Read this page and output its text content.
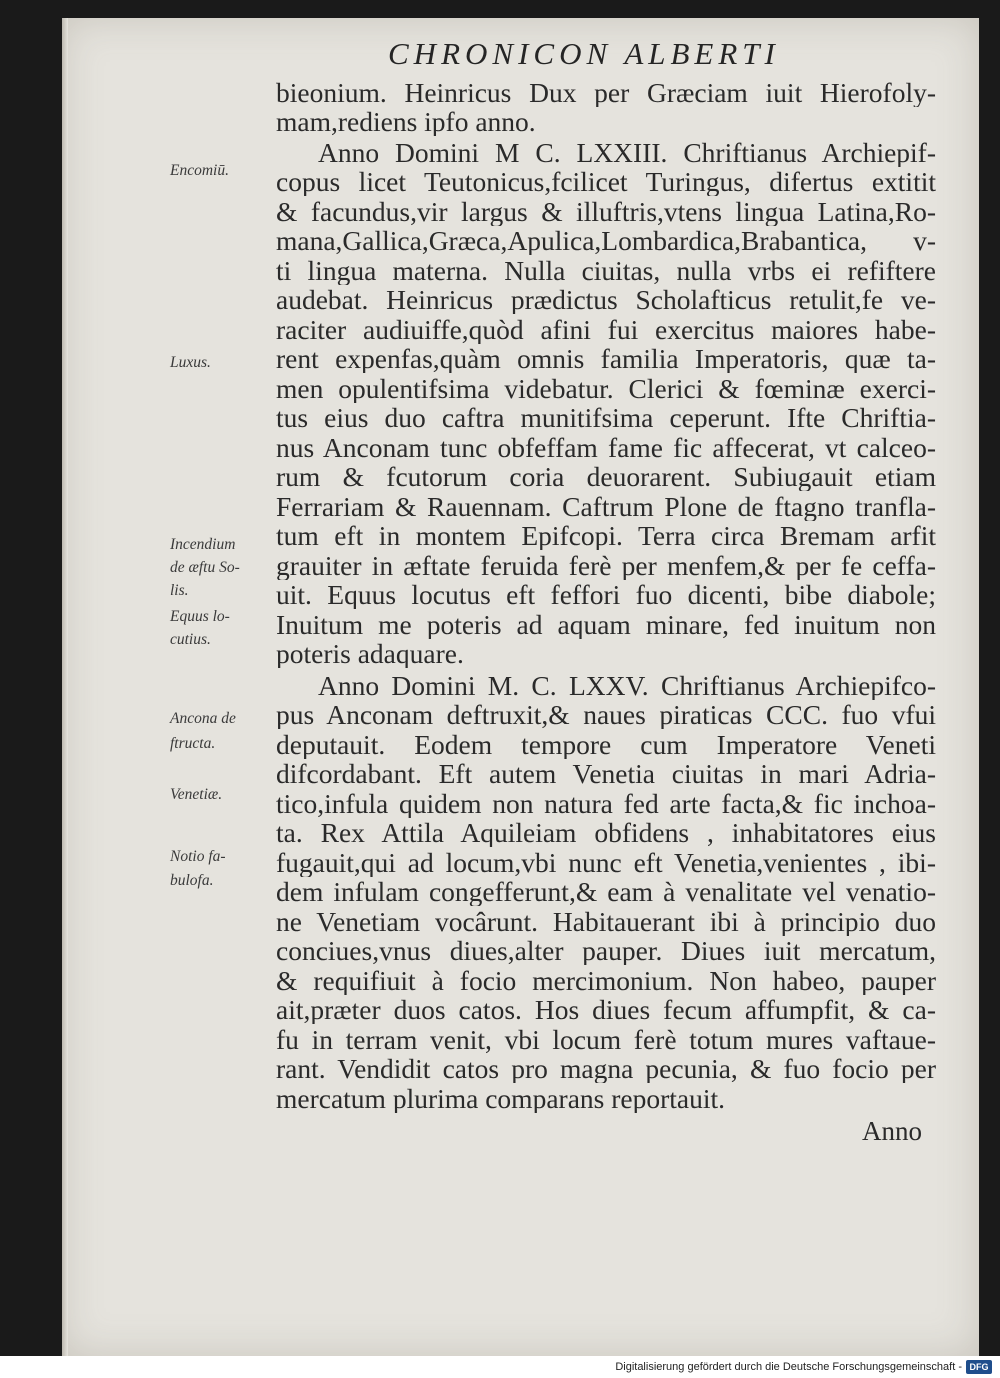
CHRONICON ALBERTI
bieonium. Heinricus Dux per Græciam iuit Hierofoly-
mam,rediens ipfo anno.
Anno Domini M C. LXXIII. Chriftianus Archiepif-
copus licet Teutonicus,fcilicet Turingus, difertus extitit
& facundus,vir largus & illuftris,vtens lingua Latina,Ro-
mana,Gallica,Græca,Apulica,Lombardica,Brabantica, v-
ti lingua materna. Nulla ciuitas, nulla vrbs ei refiftere
audebat. Heinricus prædictus Scholafticus retulit,fe ve-
raciter audiuiffe,quòd afini fui exercitus maiores habe-
rent expenfas,quàm omnis familia Imperatoris, quæ ta-
men opulentifsima videbatur. Clerici & fœminæ exerci-
tus eius duo caftra munitifsima ceperunt. Ifte Chriftia-
nus Anconam tunc obfeffam fame fic affecerat, vt calceo-
rum & fcutorum coria deuorarent. Subiugauit etiam
Ferrariam & Rauennam. Caftrum Plone de ftagno tranfla-
tum eft in montem Epifcopi. Terra circa Bremam arfit
grauiter in æftate feruida ferè per menfem,& per fe ceffa-
uit. Equus locutus eft feffori fuo dicenti, bibe diabole;
Inuitum me poteris ad aquam minare, fed inuitum non
poteris adaquare.
Anno Domini M. C. LXXV. Chriftianus Archiepifco-
pus Anconam deftruxit,& naues piraticas CCC. fuo vfui
deputauit. Eodem tempore cum Imperatore Veneti
difcordabant. Eft autem Venetia ciuitas in mari Adria-
tico,infula quidem non natura fed arte facta,& fic inchoa-
ta. Rex Attila Aquileiam obfidens , inhabitatores eius
fugauit,qui ad locum,vbi nunc eft Venetia,venientes , ibi-
dem infulam congefferunt,& eam à venalitate vel venatio-
ne Venetiam vocârunt. Habitauerant ibi à principio duo
conciues,vnus diues,alter pauper. Diues iuit mercatum,
& requifiuit à focio mercimonium. Non habeo, pauper
ait,præter duos catos. Hos diues fecum affumpfit, & ca-
fu in terram venit, vbi locum ferè totum mures vaftaue-
rant. Vendidit catos pro magna pecunia, & fuo focio per
mercatum plurima comparans reportauit.
Encomiū.
Luxus.
Incendium
de æftu So-
lis.
Equus lo-
cutius.
Ancona de
ftructa.
Venetiæ.
Notio fa-
bulofa.
Anno
Digitalisierung gefördert durch die Deutsche Forschungsgemeinschaft - DFG
